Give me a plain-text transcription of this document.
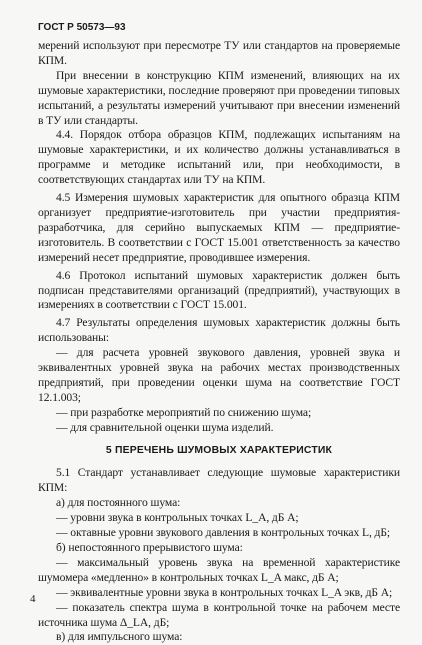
ГОСТ Р 50573—93

мерений используют при пересмотре ТУ или стандартов на проверяемые КПМ.

При внесении в конструкцию КПМ изменений, влияющих на их шумовые характеристики, последние проверяют при проведении типовых испытаний, а результаты измерений учитывают при внесении изменений в ТУ или стандарты.

4.4. Порядок отбора образцов КПМ, подлежащих испытаниям на шумовые характеристики, и их количество должны устанавливаться в программе и методике испытаний или, при необходимости, в соответствующих стандартах или ТУ на КПМ.

4.5 Измерения шумовых характеристик для опытного образца КПМ организует предприятие-изготовитель при участии предприятия-разработчика, для серийно выпускаемых КПМ — предприятие-изготовитель. В соответствии с ГОСТ 15.001 ответственность за качество измерений несет предприятие, проводившее измерения.

4.6 Протокол испытаний шумовых характеристик должен быть подписан представителями организаций (предприятий), участвующих в измерениях в соответствии с ГОСТ 15.001.

4.7 Результаты определения шумовых характеристик должны быть использованы:

— для расчета уровней звукового давления, уровней звука и эквивалентных уровней звука на рабочих местах производственных предприятий, при проведении оценки шума на соответствие ГОСТ 12.1.003;

— при разработке мероприятий по снижению шума;

— для сравнительной оценки шума изделий.

5 ПЕРЕЧЕНЬ ШУМОВЫХ ХАРАКТЕРИСТИК

5.1 Стандарт устанавливает следующие шумовые характеристики КПМ:

а) для постоянного шума:

— уровни звука в контрольных точках L_A, дБ А;

— октавные уровни звукового давления в контрольных точках L, дБ;

б) непостоянного прерывистого шума:

— максимальный уровень звука на временной характеристике шумомера «медленно» в контрольных точках L_A макс, дБ А;

— эквивалентные уровни звука в контрольных точках L_A экв, дБ А;

— показатель спектра шума в контрольной точке на рабочем месте источника шума Δ_LA, дБ;

в) для импульсного шума:

4
